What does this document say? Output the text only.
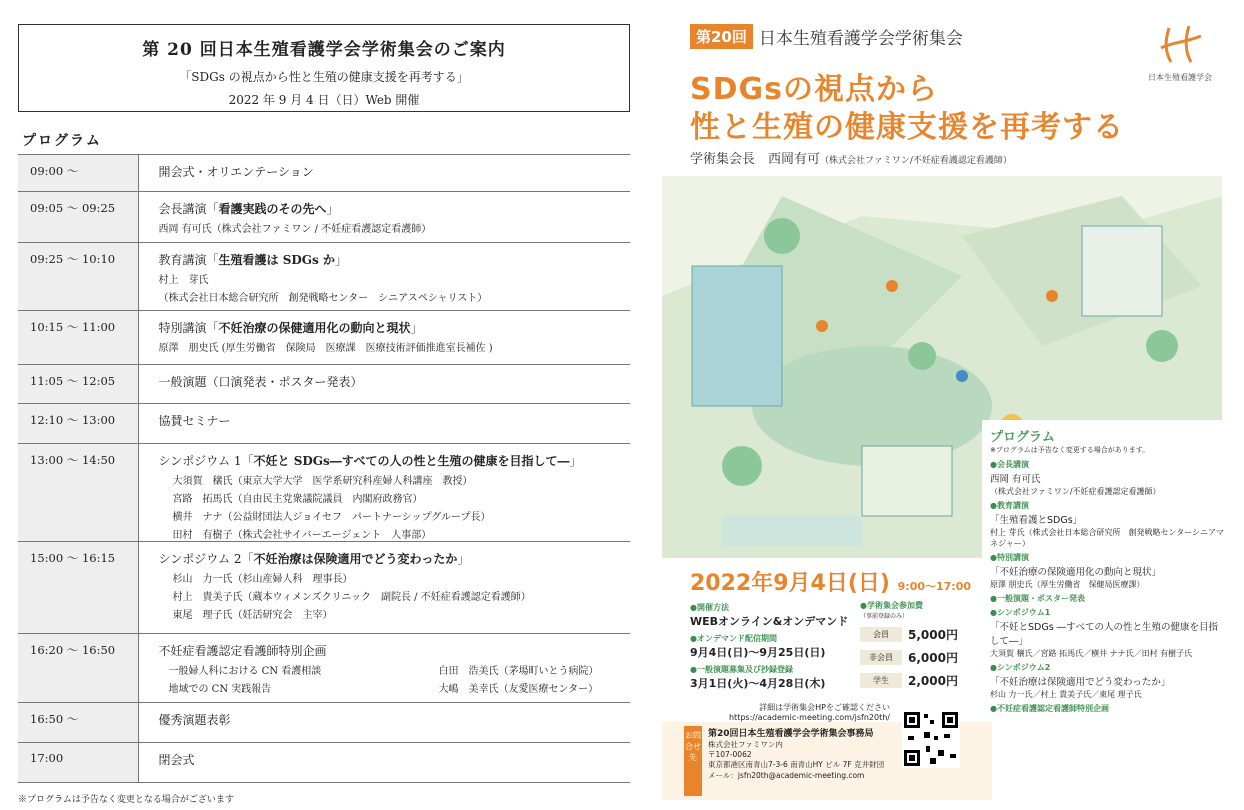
第 20 回日本生殖看護学会学術集会のご案内
「SDGs の視点から性と生殖の健康支援を再考する」
2022 年 9 月 4 日（日）Web 開催
プログラム
09:00 ～	開会式・オリエンテーション

09:05 ～ 09:25	会長講演「看護実践のその先へ」
西岡 有可氏（株式会社ファミワン / 不妊症看護認定看護師）

09:25 ～ 10:10	教育講演「生殖看護は SDGs か」
村上　芽氏
（株式会社日本総合研究所　創発戦略センター　シニアスペシャリスト）

10:15 ～ 11:00	特別講演「不妊治療の保健適用化の動向と現状」
原澤　朋史氏 (厚生労働省　保険局　医療課　医療技術評価推進室長補佐 )

11:05 ～ 12:05	一般演題（口演発表・ポスター発表）

12:10 ～ 13:00	協賛セミナー

13:00 ～ 14:50	シンポジウム 1「不妊と SDGs―すべての人の性と生殖の健康を目指して―」
大須賀　穣氏（東京大学大学　医学系研究科産婦人科講座　教授）
宮路　拓馬氏（自由民主党衆議院議員　内閣府政務官）
横井　ナナ（公益財団法人ジョイセフ　パートナーシップグループ長）
田村　有樹子（株式会社サイバーエージェント　人事部）

15:00 ～ 16:15	シンポジウム 2「不妊治療は保険適用でどう変わったか」
杉山　力一氏（杉山産婦人科　理事長）
村上　貴美子氏（蔵本ウィメンズクリニック　副院長 / 不妊症看護認定看護師）
東尾　理子氏（妊活研究会　主宰）

16:20 ～ 16:50	不妊症看護認定看護師特別企画
一般婦人科における CN 看護相談 白田　浩美氏（茅場町いとう病院）
地域での CN 実践報告 大嶋　美幸氏（友愛医療センター）

16:50 ～	優秀演題表彰

17:00	閉会式
※プログラムは予告なく変更となる場合がございます
第20回 日本生殖看護学会学術集会
SDGsの視点から
性と生殖の健康支援を再考する
学術集会長　西岡有可（株式会社ファミワン/不妊症看護認定看護師）
日本生殖看護学会
プログラム
※プログラムは予告なく変更する場合があります。
●会長講演
西岡 有可氏
（株式会社ファミワン/不妊症看護認定看護師）
●教育講演
「生殖看護とSDGs」
村上 芽氏（株式会社日本総合研究所　創発戦略センターシニアマネジャー）
●特別講演
「不妊治療の保険適用化の動向と現状」
原澤 朋史氏（厚生労働省　保健局医療課）
●一般演題・ポスター発表
●シンポジウム1
「不妊とSDGs ―すべての人の性と生殖の健康を目指して―」
大須賀 穣氏／宮路 拓馬氏／横井 ナナ氏／田村 有樹子氏
●シンポジウム2
「不妊治療は保険適用でどう変わったか」
杉山 力一氏／村上 貴美子氏／東尾 理子氏
●不妊症看護認定看護師特別企画
2022年9月4日(日) 9:00～17:00
●開催方法
WEBオンライン&オンデマンド
●オンデマンド配信期間
9月4日(日)～9月25日(日)
●一般演題募集及び抄録登録
3月1日(火)～4月28日(木)
●学術集会参加費
（事前登録のみ）
会員	5,000円
非会員	6,000円
学生	2,000円
詳細は学術集会HPをご確認ください
https://academic-meeting.com/jsfn20th/
お問合せ先
第20回日本生殖看護学会学術集会事務局
株式会社ファミワン内
〒107-0062
東京都港区南青山7-3-6 南青山HY ビル 7F 克井財団
メール：jsfn20th@academic-meeting.com
